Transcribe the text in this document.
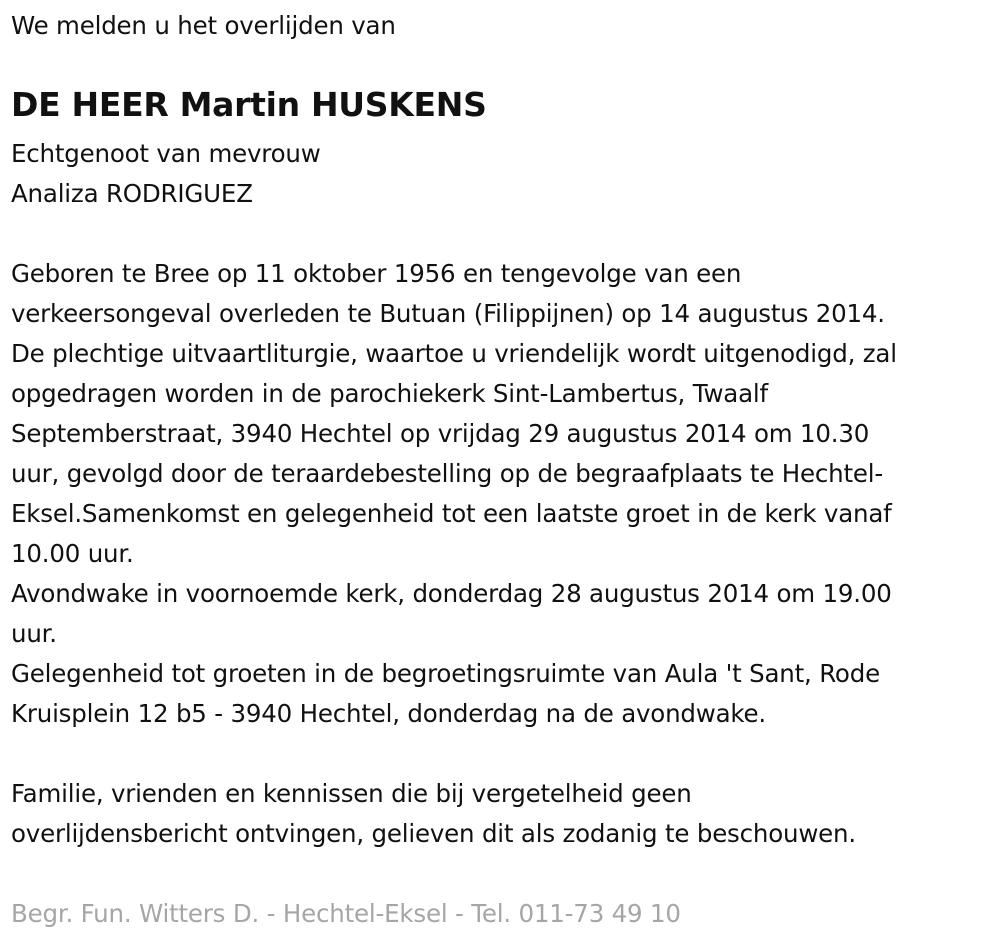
We melden u het overlijden van
DE HEER Martin HUSKENS
Echtgenoot van mevrouw
Analiza RODRIGUEZ
Geboren te Bree op 11 oktober 1956 en tengevolge van een
verkeersongeval overleden te Butuan (Filippijnen) op 14 augustus 2014.
De plechtige uitvaartliturgie, waartoe u vriendelijk wordt uitgenodigd, zal
opgedragen worden in de parochiekerk Sint-Lambertus, Twaalf
Septemberstraat, 3940 Hechtel op vrijdag 29 augustus 2014 om 10.30
uur, gevolgd door de teraardebestelling op de begraafplaats te Hechtel-
Eksel.Samenkomst en gelegenheid tot een laatste groet in de kerk vanaf
10.00 uur.
Avondwake in voornoemde kerk, donderdag 28 augustus 2014 om 19.00
uur.
Gelegenheid tot groeten in de begroetingsruimte van Aula 't Sant, Rode
Kruisplein 12 b5 - 3940 Hechtel, donderdag na de avondwake.
Familie, vrienden en kennissen die bij vergetelheid geen
overlijdensbericht ontvingen, gelieven dit als zodanig te beschouwen.
Begr. Fun. Witters D. - Hechtel-Eksel - Tel. 011-73 49 10
